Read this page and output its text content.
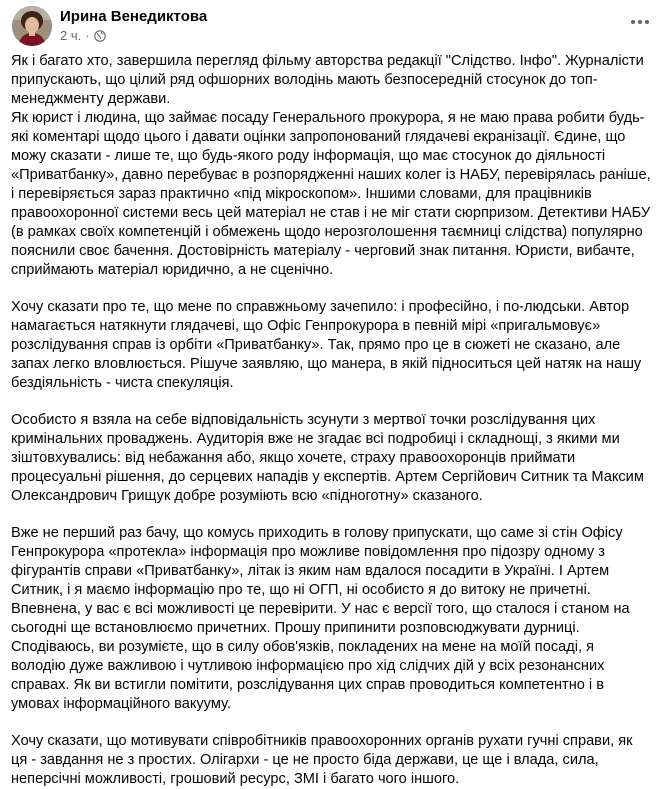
Ирина Венедиктова
2 ч. ·

Як і багато хто, завершила перегляд фільму авторства редакції "Слідство. Інфо". Журналісти припускають, що цілий ряд офшорних володінь мають безпосередній стосунок до топ-менеджменту держави.

Як юрист і людина, що займає посаду Генерального прокурора, я не маю права робити будь-які коментарі щодо цього і давати оцінки запропонований глядачеві екранізації. Єдине, що можу сказати - лише те, що будь-якого роду інформація, що має стосунок до діяльності «Приватбанку», давно перебуває в розпорядженні наших колег із НАБУ, перевірялась раніше, і перевіряється зараз практично «під мікроскопом». Іншими словами, для працівників правоохоронної системи весь цей матеріал не став і не міг стати сюрпризом. Детективи НАБУ (в рамках своїх компетенцій і обмежень щодо нерозголошення таємниці слідства) популярно пояснили своє бачення. Достовірність матеріалу - черговий знак питання. Юристи, вибачте, сприймають матеріал юридично, а не сценічно.

Хочу сказати про те, що мене по справжньому зачепило: і професійно, і по-людськи. Автор намагається натякнути глядачеві, що Офіс Генпрокурора в певній мірі «пригальмовує» розслідування справ із орбіти «Приватбанку». Так, прямо про це в сюжеті не сказано, але запах легко вловлюється. Рішуче заявляю, що манера, в якій підноситься цей натяк на нашу бездіяльність - чиста спекуляція.

Особисто я взяла на себе відповідальність зсунути з мертвої точки розслідування цих кримінальних проваджень. Аудиторія вже не згадає всі подробиці і складнощі, з якими ми зіштовхувались: від небажання або, якщо хочете, страху правоохоронців приймати процесуальні рішення, до серцевих нападів у експертів. Артем Сергійович Ситник та Максим Олександрович Грищук добре розуміють всю «підноготну» сказаного.

Вже не перший раз бачу, що комусь приходить в голову припускати, що саме зі стін Офісу Генпрокурора «протекла» інформація про можливе повідомлення про підозру одному з фігурантів справи «Приватбанку», літак із яким нам вдалося посадити в Україні. І Артем Ситник, і я маємо інформацію про те, що ні ОГП, ні особисто я до витоку не причетні. Впевнена, у вас є всі можливості це перевірити. У нас є версії того, що сталося і станом на сьогодні ще встановлюємо причетних. Прошу припинити розповсюджувати дурниці. Сподіваюсь, ви розумієте, що в силу обов'язків, покладених на мене на моїй посаді, я володію дуже важливою і чутливою інформацією про хід слідчих дій у всіх резонансних справах. Як ви встигли помітити, розслідування цих справ проводиться компетентно і в умовах інформаційного вакууму.

Хочу сказати, що мотивувати співробітників правоохоронних органів рухати гучні справи, як ця - завдання не з простих. Олігархи - це не просто біда держави, це ще і влада, сила, неперсічні можливості, грошовий ресурс, ЗМІ і багато чого іншого.
